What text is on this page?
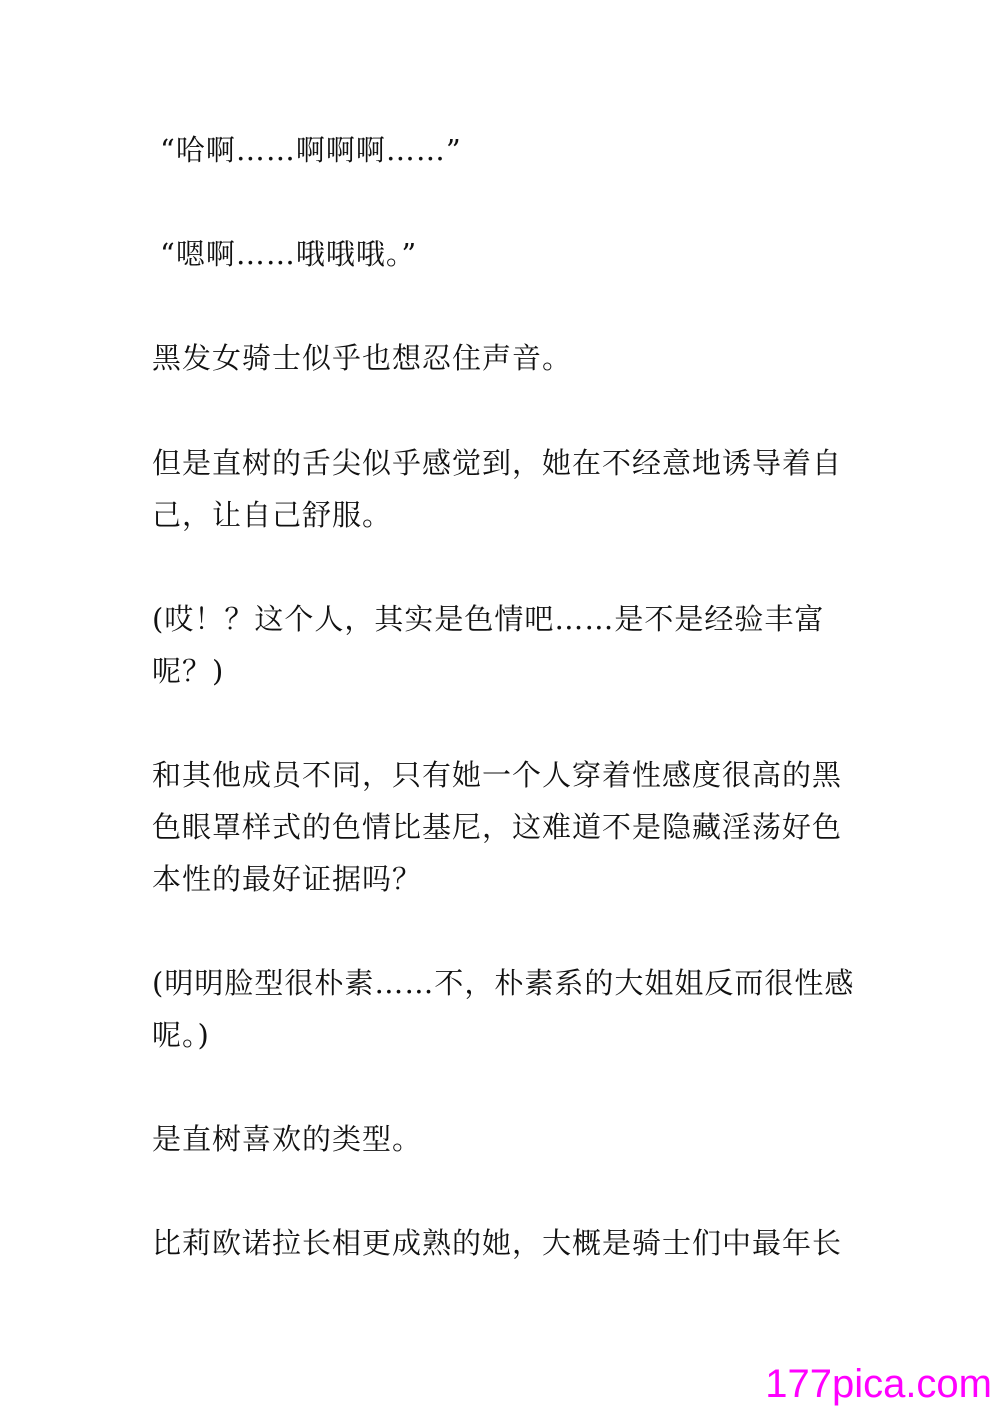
“哈啊……啊啊啊……”

“嗯啊……哦哦哦。”

黑发女骑士似乎也想忍住声音。

但是直树的舌尖似乎感觉到，她在不经意地诱导着自
己，让自己舒服。

(哎！？这个人，其实是色情吧……是不是经验丰富
呢？)

和其他成员不同，只有她一个人穿着性感度很高的黑
色眼罩样式的色情比基尼，这难道不是隐藏淫荡好色
本性的最好证据吗？

(明明脸型很朴素……不，朴素系的大姐姐反而很性感
呢。)

是直树喜欢的类型。

比莉欧诺拉长相更成熟的她，大概是骑士们中最年长

177pica.com
